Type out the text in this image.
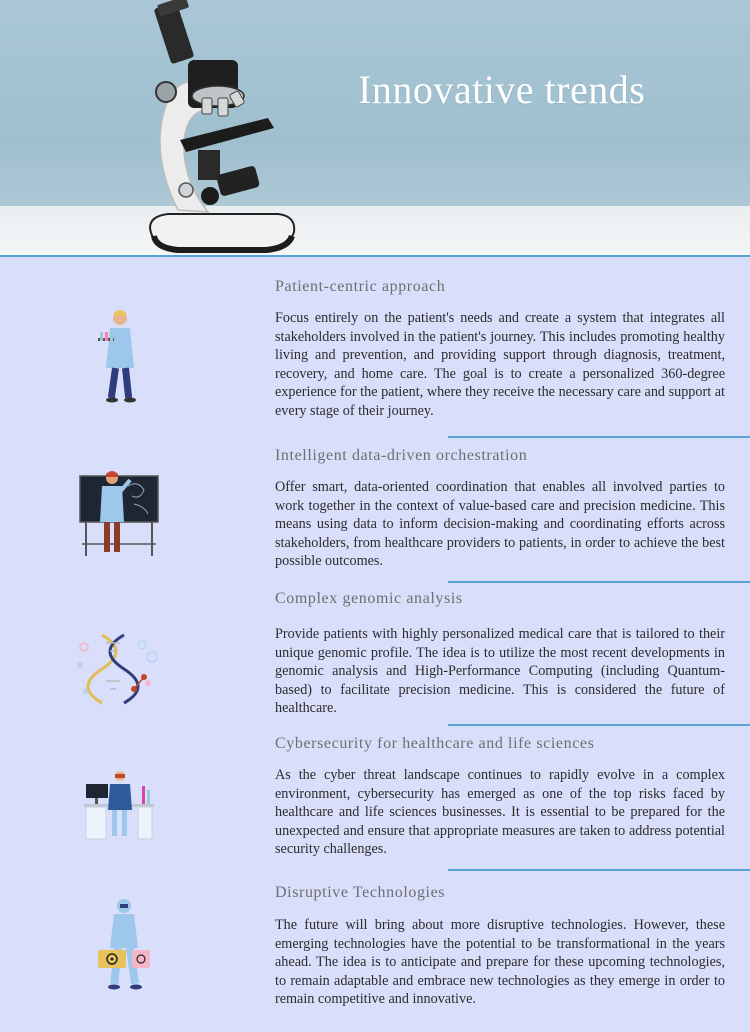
Innovative trends
Patient-centric approach
Focus entirely on the patient's needs and create a system that integrates all stakeholders involved in the patient's journey. This includes promoting healthy living and prevention, and providing support through diagnosis, treatment, recovery, and home care. The goal is to create a personalized 360-degree experience for the patient, where they receive the necessary care and support at every stage of their journey.
Intelligent data-driven orchestration
Offer smart, data-oriented coordination that enables all involved parties to work together in the context of value-based care and precision medicine. This means using data to inform decision-making and coordinating efforts across stakeholders, from healthcare providers to patients, in order to achieve the best possible outcomes.
Complex genomic analysis
Provide patients with highly personalized medical care that is tailored to their unique genomic profile. The idea is to utilize the most recent developments in genomic analysis and High-Performance Computing (including Quantum-based) to facilitate precision medicine. This is considered the future of healthcare.
Cybersecurity for healthcare and life sciences
As the cyber threat landscape continues to rapidly evolve in a complex environment, cybersecurity has emerged as one of the top risks faced by healthcare and life sciences businesses. It is essential to be prepared for the unexpected and ensure that appropriate measures are taken to address potential security challenges.
Disruptive Technologies
The future will bring about more disruptive technologies. However, these emerging technologies have the potential to be transformational in the years ahead. The idea is to anticipate and prepare for these upcoming technologies, to remain adaptable and embrace new technologies as they emerge in order to remain competitive and innovative.
